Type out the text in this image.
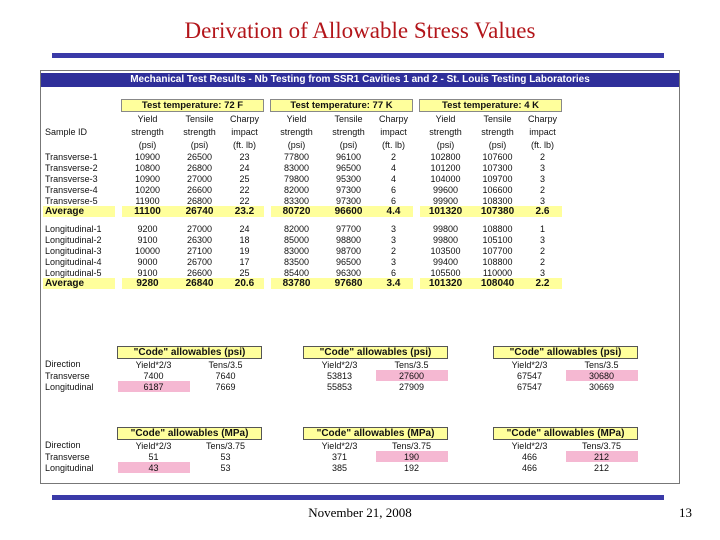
Derivation of Allowable Stress Values
Mechanical Test Results - Nb Testing from SSR1 Cavities 1 and 2 - St. Louis Testing Laboratories
		Test temperature: 72 F				Test temperature: 77 K				Test temperature: 4 K		
		Yield	Tensile	Charpy		Yield	Tensile	Charpy		Yield	Tensile	Charpy
Sample ID		strength	strength	impact		strength	strength	impact		strength	strength	impact
		(psi)	(psi)	(ft. lb)		(psi)	(psi)	(ft. lb)		(psi)	(psi)	(ft. lb)
Transverse-1		10900	26500	23		77800	96100	2		102800	107600	2
Transverse-2		10800	26800	24		83000	96500	4		101200	107300	3
Transverse-3		10900	27000	25		79800	95300	4		104000	109700	3
Transverse-4		10200	26600	22		82000	97300	6		99600	106600	2
Transverse-5		11900	26800	22		83300	97300	6		99900	108300	3
Average		11100	26740	23.2		80720	96600	4.4		101320	107380	2.6

Longitudinal-1		9200	27000	24		82000	97700	3		99800	108800	1
Longitudinal-2		9100	26300	18		85000	98800	3		99800	105100	3
Longitudinal-3		10000	27100	19		83000	98700	2		103500	107700	2
Longitudinal-4		9000	26700	17		83500	96500	3		99400	108800	2
Longitudinal-5		9100	26600	25		85400	96300	6		105500	110000	3
Average		9280	26840	20.6		83780	97680	3.4		101320	108040	2.2
	"Code" allowables (psi)	
Direction	Yield*2/3	Tens/3.5
Transverse	7400	7640
Longitudinal	6187	7669
"Code" allowables (psi)	
Yield*2/3	Tens/3.5
53813	27600
55853	27909
"Code" allowables (psi)	
Yield*2/3	Tens/3.5
67547	30680
67547	30669
	"Code" allowables (MPa)	
Direction	Yield*2/3	Tens/3.75
Transverse	51	53
Longitudinal	43	53
"Code" allowables (MPa)	
Yield*2/3	Tens/3.75
371	190
385	192
"Code" allowables (MPa)	
Yield*2/3	Tens/3.75
466	212
466	212
November 21, 2008	13
